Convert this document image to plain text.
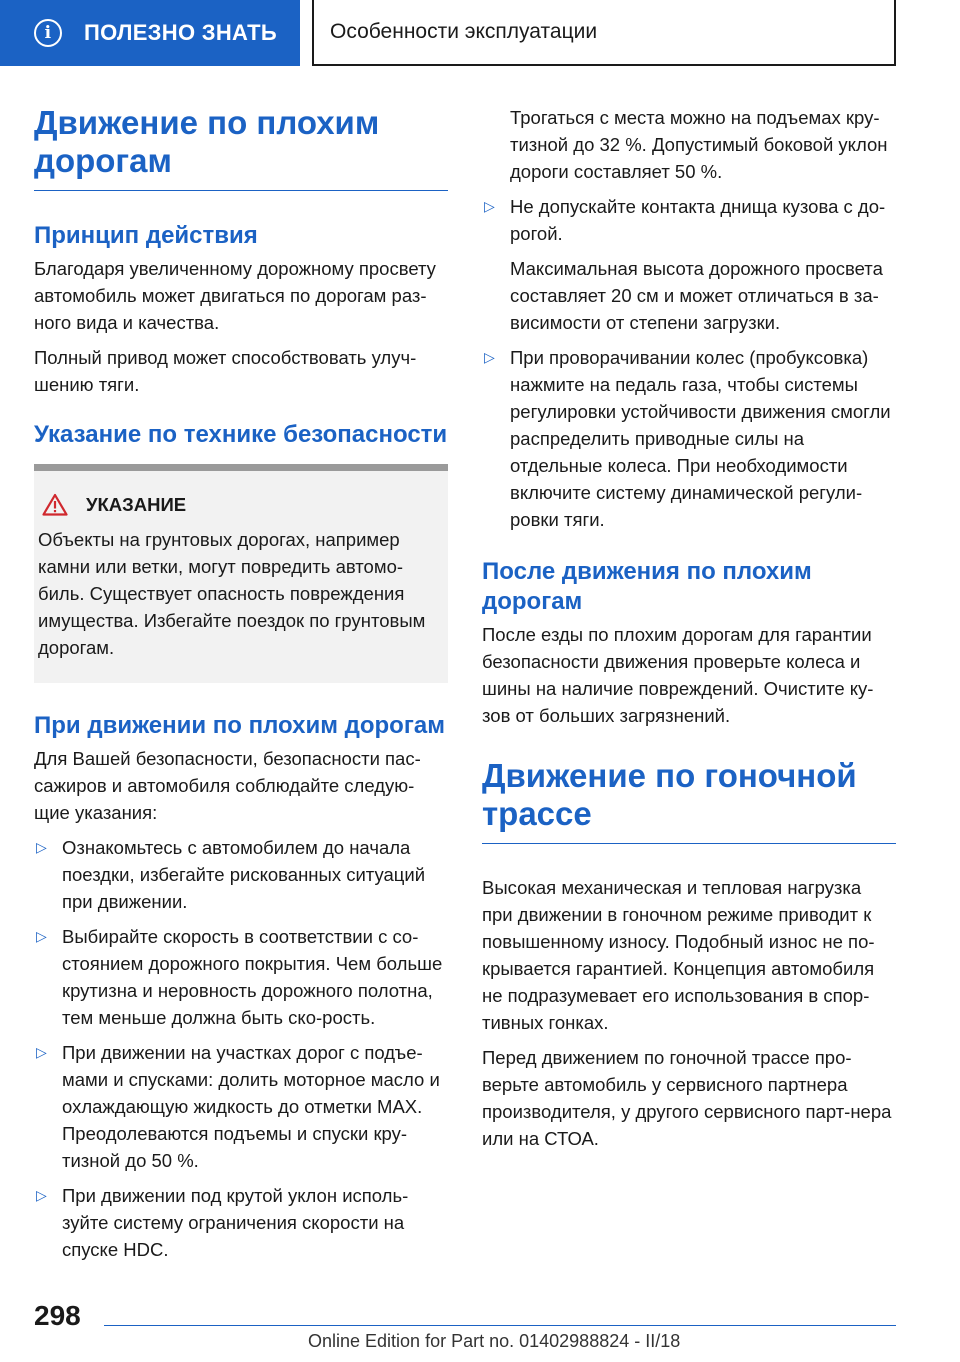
i	ПОЛЕЗНО ЗНАТЬ	Особенности эксплуатации
Движение по плохим дорогам
Принцип действия

Благодаря увеличенному дорожному просвету автомобиль может двигаться по дорогам раз-ного вида и качества.

Полный привод может способствовать улуч-шению тяги.

Указание по технике безопасности
УКАЗАНИЕ

Объекты на грунтовых дорогах, например камни или ветки, могут повредить автомо-биль. Существует опасность повреждения имущества. Избегайте поездок по грунтовым дорогам.

При движении по плохим дорогам

Для Вашей безопасности, безопасности пас-сажиров и автомобиля соблюдайте следую-щие указания:

▷ Ознакомьтесь с автомобилем до начала поездки, избегайте рискованных ситуаций при движении.
▷ Выбирайте скорость в соответствии с со-стоянием дорожного покрытия. Чем больше крутизна и неровность дорожного полотна, тем меньше должна быть ско-рость.
▷ При движении на участках дорог с подъе-мами и спусками: долить моторное масло и охлаждающую жидкость до отметки MAX. Преодолеваются подъемы и спуски кру-тизной до 50 %.
▷ При движении под крутой уклон исполь-зуйте систему ограничения скорости на спуске HDC.

Трогаться с места можно на подъемах кру-тизной до 32 %. Допустимый боковой уклон дороги составляет 50 %.

▷ Не допускайте контакта днища кузова с до-рогой.

Максимальная высота дорожного просвета составляет 20 см и может отличаться в за-висимости от степени загрузки.

▷ При проворачивании колес (пробуксовка) нажмите на педаль газа, чтобы системы регулировки устойчивости движения смогли распределить приводные силы на отдельные колеса. При необходимости включите систему динамической регули-ровки тяги.
После движения по плохим дорогам

После езды по плохим дорогам для гарантии безопасности движения проверьте колеса и шины на наличие повреждений. Очистите ку-зов от больших загрязнений.

Движение по гоночной трассе

Высокая механическая и тепловая нагрузка при движении в гоночном режиме приводит к повышенному износу. Подобный износ не по-крывается гарантией. Концепция автомобиля не подразумевает его использования в спор-тивных гонках.

Перед движением по гоночной трассе про-верьте автомобиль у сервисного партнера производителя, у другого сервисного парт-нера или на СТОА.

298
Online Edition for Part no. 01402988824 - II/18
